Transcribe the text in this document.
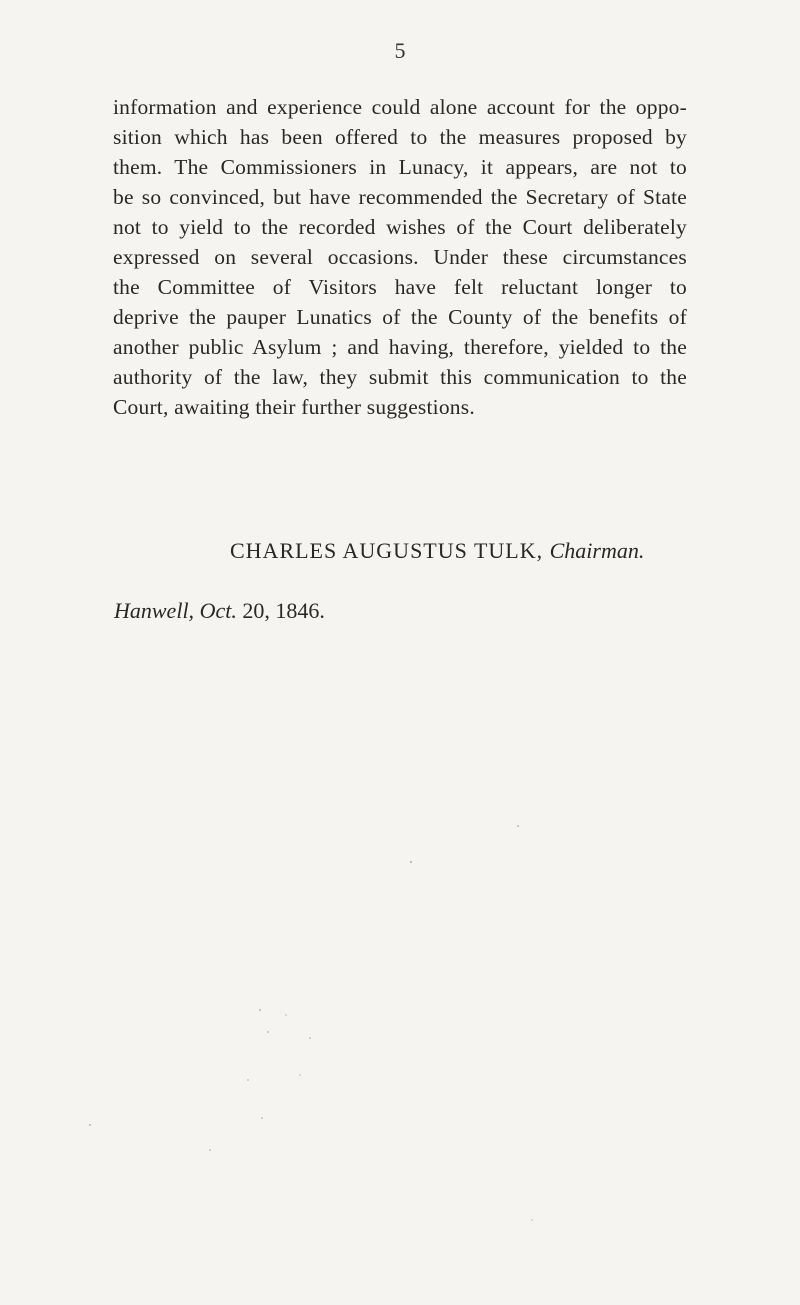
5
information and experience could alone account for the oppo-
sition which has been offered to the measures proposed by
them. The Commissioners in Lunacy, it appears, are not to
be so convinced, but have recommended the Secretary of State
not to yield to the recorded wishes of the Court deliberately
expressed on several occasions. Under these circumstances
the Committee of Visitors have felt reluctant longer to
deprive the pauper Lunatics of the County of the benefits of
another public Asylum ; and having, therefore, yielded to the
authority of the law, they submit this communication to the
Court, awaiting their further suggestions.
CHARLES AUGUSTUS TULK, Chairman.
Hanwell, Oct. 20, 1846.
